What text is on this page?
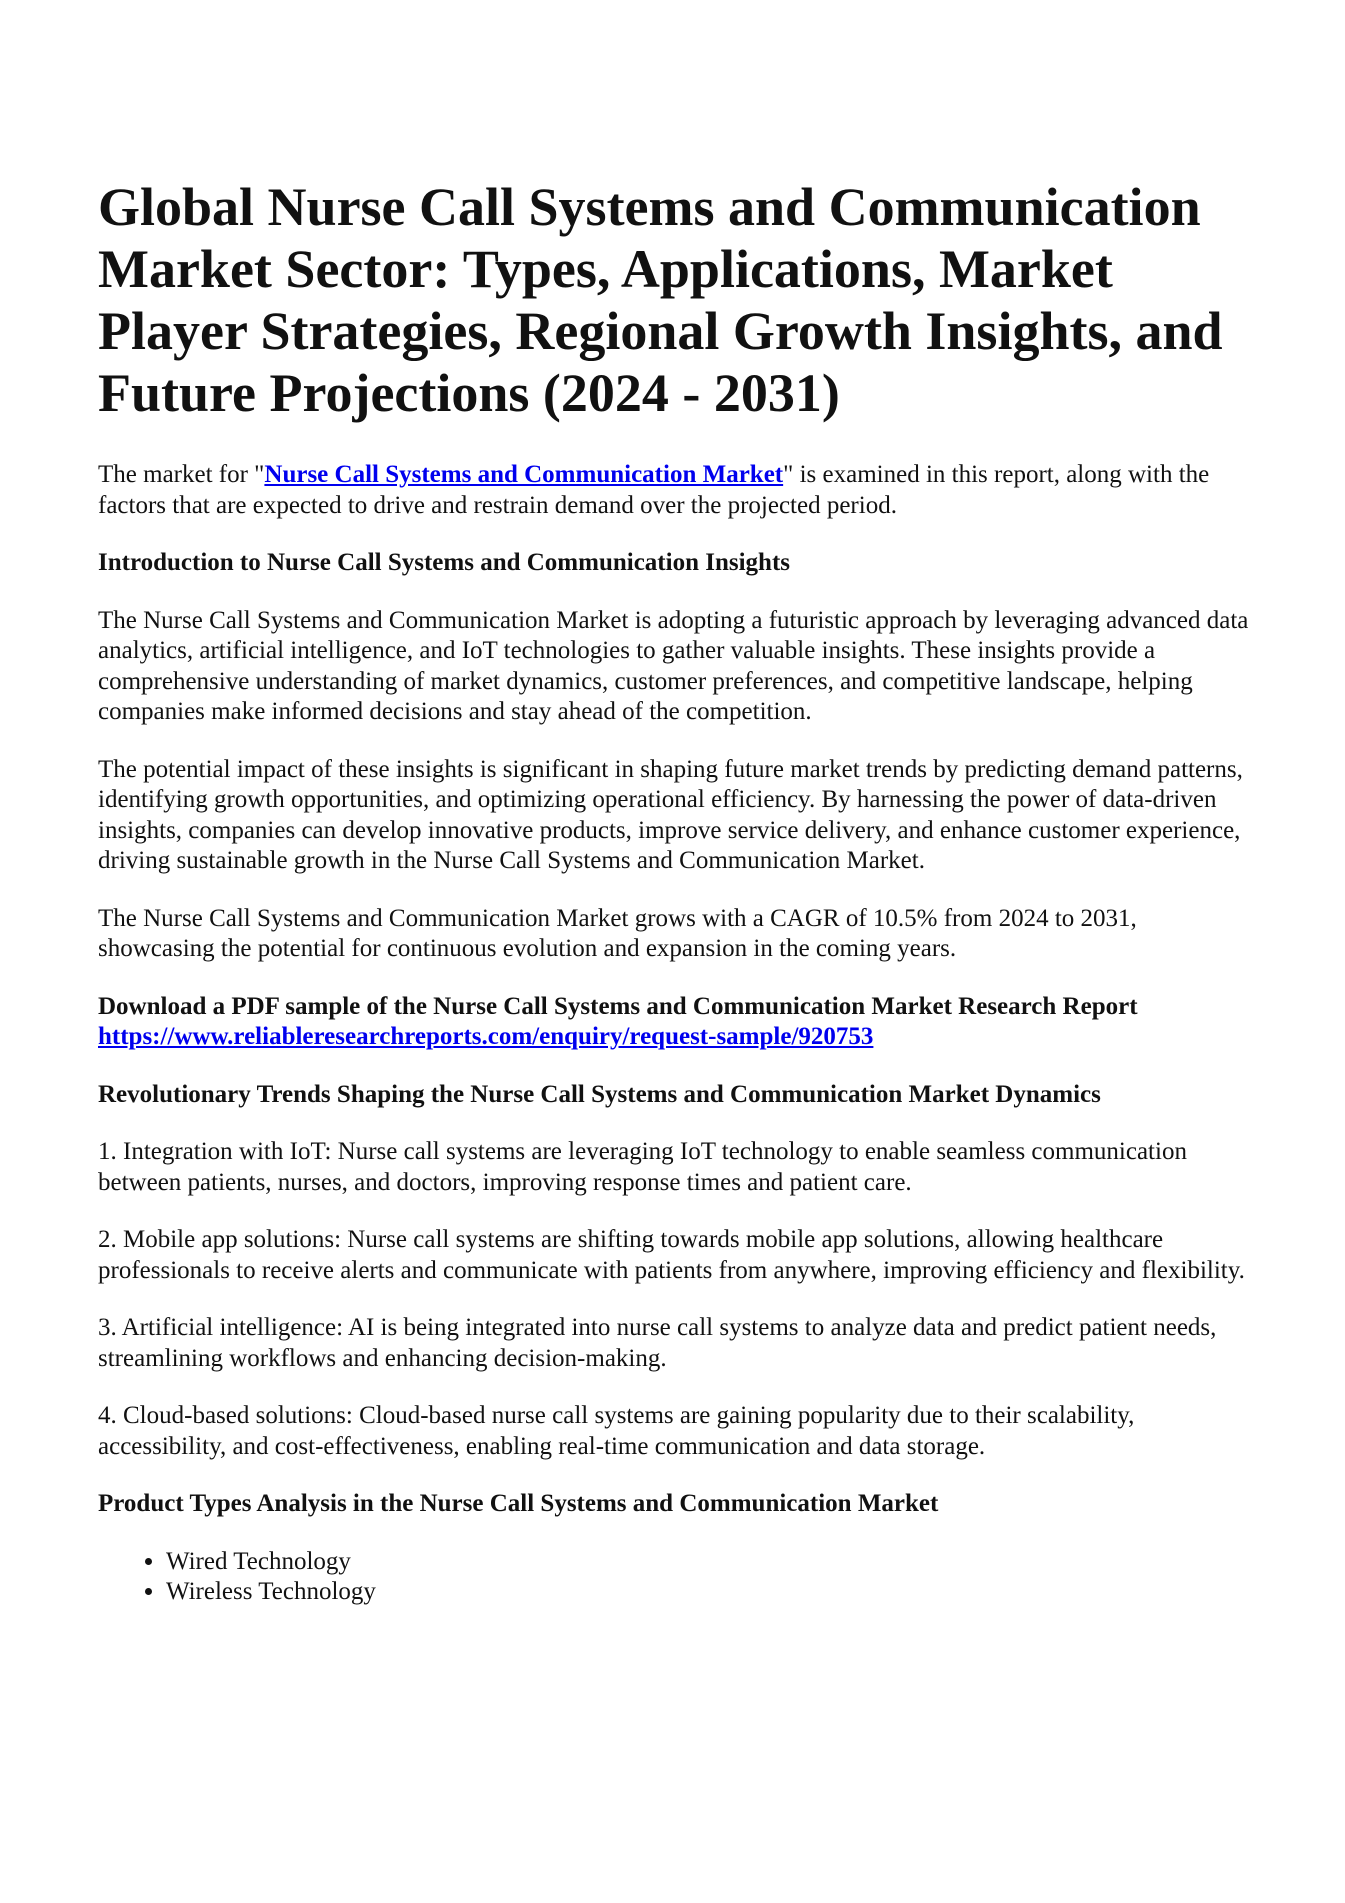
Global Nurse Call Systems and Communication Market Sector: Types, Applications, Market Player Strategies, Regional Growth Insights, and Future Projections (2024 - 2031)

The market for "Nurse Call Systems and Communication Market" is examined in this report, along with the factors that are expected to drive and restrain demand over the projected period.

Introduction to Nurse Call Systems and Communication Insights

The Nurse Call Systems and Communication Market is adopting a futuristic approach by leveraging advanced data analytics, artificial intelligence, and IoT technologies to gather valuable insights. These insights provide a comprehensive understanding of market dynamics, customer preferences, and competitive landscape, helping companies make informed decisions and stay ahead of the competition.

The potential impact of these insights is significant in shaping future market trends by predicting demand patterns, identifying growth opportunities, and optimizing operational efficiency. By harnessing the power of data-driven insights, companies can develop innovative products, improve service delivery, and enhance customer experience, driving sustainable growth in the Nurse Call Systems and Communication Market.

The Nurse Call Systems and Communication Market grows with a CAGR of 10.5% from 2024 to 2031, showcasing the potential for continuous evolution and expansion in the coming years.

Download a PDF sample of the Nurse Call Systems and Communication Market Research Report
https://www.reliableresearchreports.com/enquiry/request-sample/920753

Revolutionary Trends Shaping the Nurse Call Systems and Communication Market Dynamics

1. Integration with IoT: Nurse call systems are leveraging IoT technology to enable seamless communication between patients, nurses, and doctors, improving response times and patient care.

2. Mobile app solutions: Nurse call systems are shifting towards mobile app solutions, allowing healthcare professionals to receive alerts and communicate with patients from anywhere, improving efficiency and flexibility.

3. Artificial intelligence: AI is being integrated into nurse call systems to analyze data and predict patient needs, streamlining workflows and enhancing decision-making.

4. Cloud-based solutions: Cloud-based nurse call systems are gaining popularity due to their scalability, accessibility, and cost-effectiveness, enabling real-time communication and data storage.

Product Types Analysis in the Nurse Call Systems and Communication Market

• Wired Technology
• Wireless Technology
